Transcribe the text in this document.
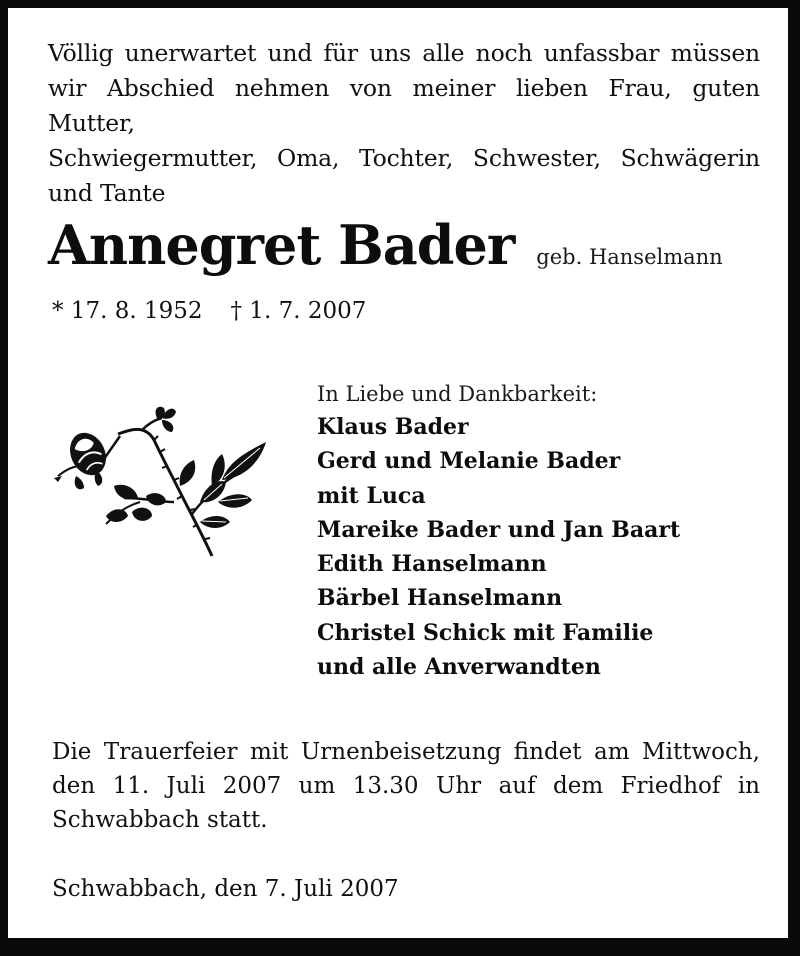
Völlig unerwartet und für uns alle noch unfassbar müssen
wir Abschied nehmen von meiner lieben Frau, guten Mutter,
Schwiegermutter, Oma, Tochter, Schwester, Schwägerin
und Tante
Annegret Bader geb. Hanselmann
* 17. 8. 1952 † 1. 7. 2007
In Liebe und Dankbarkeit:
Klaus Bader
Gerd und Melanie Bader
mit Luca
Mareike Bader und Jan Baart
Edith Hanselmann
Bärbel Hanselmann
Christel Schick mit Familie
und alle Anverwandten
Die Trauerfeier mit Urnenbeisetzung findet am Mittwoch,
den 11. Juli 2007 um 13.30 Uhr auf dem Friedhof in
Schwabbach statt.
Schwabbach, den 7. Juli 2007
